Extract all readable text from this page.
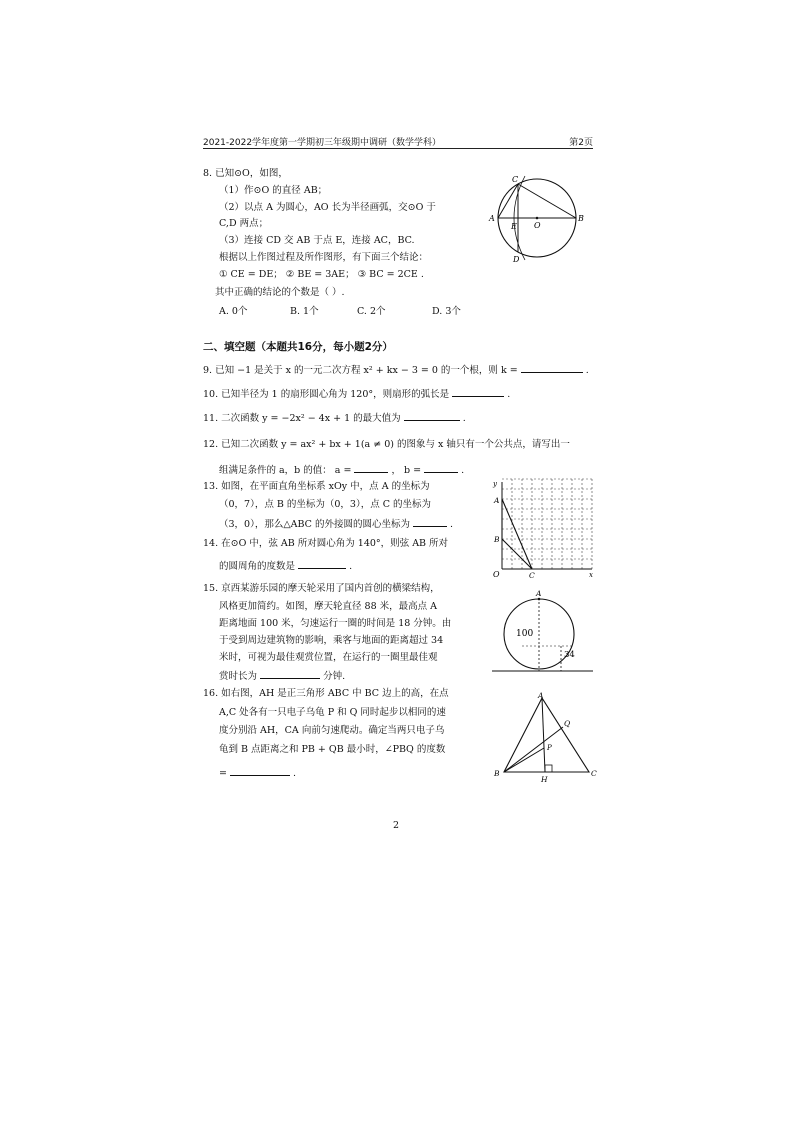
2021-2022学年度第一学期初三年级期中调研（数学学科）	第2页
8. 已知⊙O，如图，
（1）作⊙O 的直径 AB；
（2）以点 A 为圆心，AO 长为半径画弧，交⊙O 于
C,D 两点；
（3）连接 CD 交 AB 于点 E，连接 AC，BC.
根据以上作图过程及所作图形，有下面三个结论：
① CE = DE； ② BE = 3AE； ③ BC = 2CE .
其中正确的结论的个数是（ ）.
A. 0个	B. 1个	C. 2个	D. 3个
C
A	B
E O
D
二、填空题（本题共16分，每小题2分）
9. 已知 −1 是关于 x 的一元二次方程 x² + kx − 3 = 0 的一个根，则 k =	.
10. 已知半径为 1 的扇形圆心角为 120°，则扇形的弧长是	.
11. 二次函数 y = −2x² − 4x + 1 的最大值为	.
12. 已知二次函数 y = ax² + bx + 1(a ≠ 0) 的图象与 x 轴只有一个公共点，请写出一
组满足条件的 a，b 的值： a =	， b =	.
13. 如图，在平面直角坐标系 xOy 中，点 A 的坐标为
（0，7），点 B 的坐标为（0，3），点 C 的坐标为
（3，0），那么△ABC 的外接圆的圆心坐标为	.
y
x
O
A
B
C
14. 在⊙O 中，弦 AB 所对圆心角为 140°，则弦 AB 所对
的圆周角的度数是	.
15. 京西某游乐园的摩天轮采用了国内首创的横梁结构，
风格更加简约。如图，摩天轮直径 88 米，最高点 A
距离地面 100 米，匀速运行一圈的时间是 18 分钟。由
于受到周边建筑物的影响，乘客与地面的距离超过 34
米时，可视为最佳观赏位置，在运行的一圈里最佳观
赏时长为	分钟.
A
100
34
16. 如右图，AH 是正三角形 ABC 中 BC 边上的高，在点
A,C 处各有一只电子乌龟 P 和 Q 同时起步以相同的速
度分别沿 AH，CA 向前匀速爬动。确定当两只电子乌
龟到 B 点距离之和 PB + QB 最小时，∠PBQ 的度数
=	.
A
Q
P
B	C
H
2
